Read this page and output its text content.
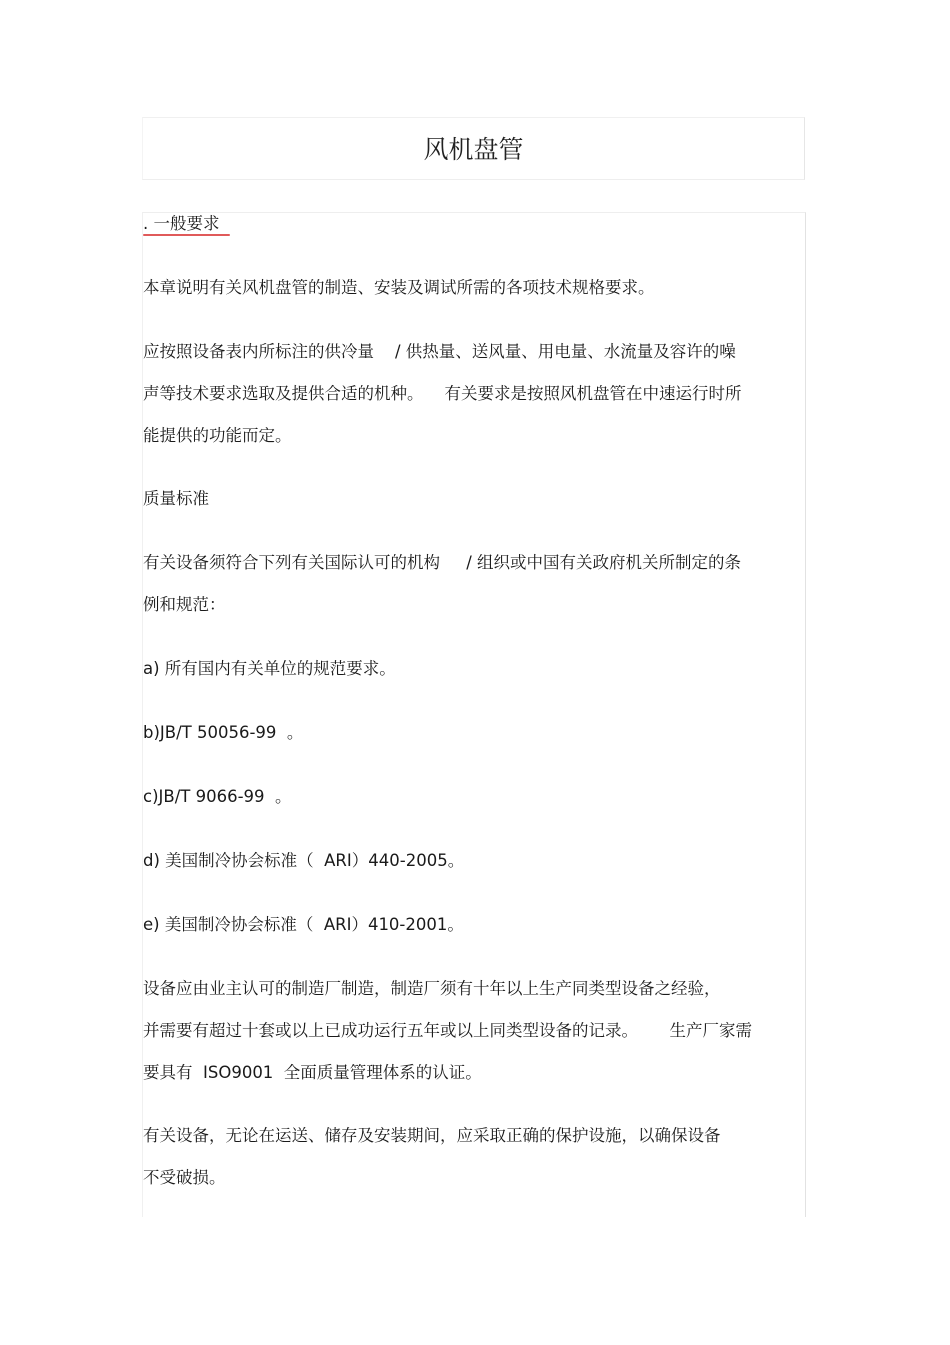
风机盘管
. 一般要求
本章说明有关风机盘管的制造、安装及调试所需的各项技术规格要求。
应按照设备表内所标注的供冷量    / 供热量、送风量、用电量、水流量及容许的噪
声等技术要求选取及提供合适的机种。    有关要求是按照风机盘管在中速运行时所
能提供的功能而定。
质量标准
有关设备须符合下列有关国际认可的机构     / 组织或中国有关政府机关所制定的条
例和规范：
a) 所有国内有关单位的规范要求。
b)JB/T 50056-99  。
c)JB/T 9066-99  。
d) 美国制冷协会标准（  ARI）440-2005。
e) 美国制冷协会标准（  ARI）410-2001。
设备应由业主认可的制造厂制造，制造厂须有十年以上生产同类型设备之经验，
并需要有超过十套或以上已成功运行五年或以上同类型设备的记录。      生产厂家需
要具有  ISO9001  全面质量管理体系的认证。
有关设备，无论在运送、储存及安装期间，应采取正确的保护设施，以确保设备
不受破损。
